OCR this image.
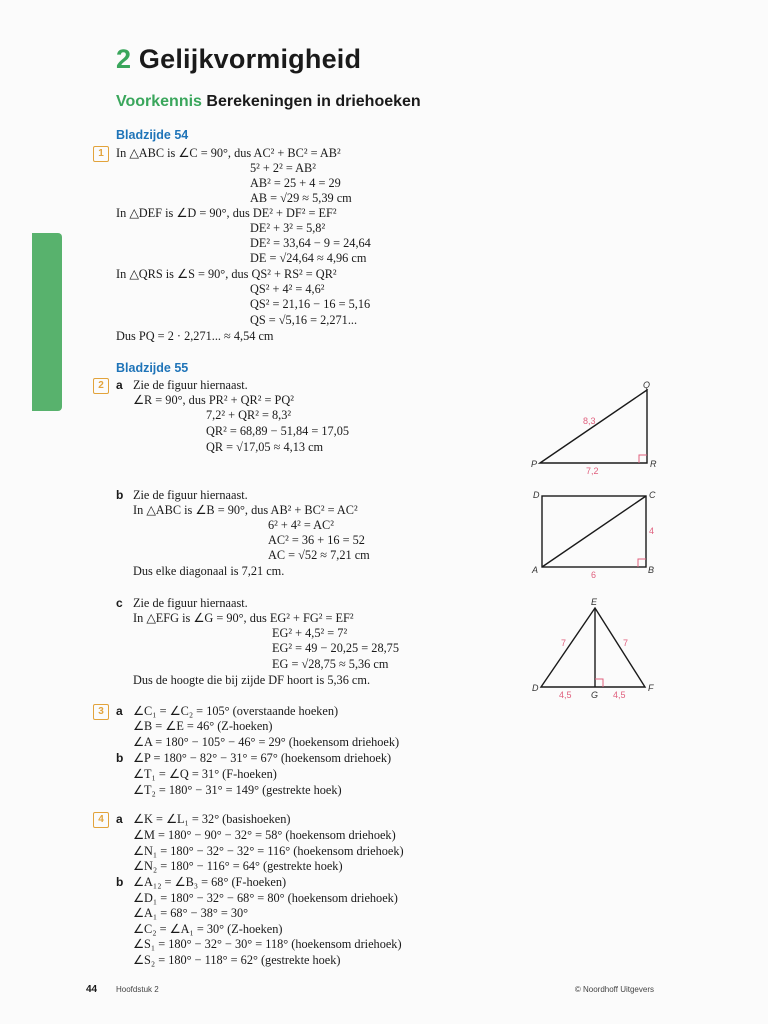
2 Gelijkvormigheid
Voorkennis Berekeningen in driehoeken
Bladzijde 54
1 In △ABC is ∠C = 90°, dus AC² + BC² = AB²
5² + 2² = AB²
AB² = 25 + 4 = 29
AB = √29 ≈ 5,39 cm
In △DEF is ∠D = 90°, dus DE² + DF² = EF²
DE² + 3² = 5,8²
DE² = 33,64 − 9 = 24,64
DE = √24,64 ≈ 4,96 cm
In △QRS is ∠S = 90°, dus QS² + RS² = QR²
QS² + 4² = 4,6²
QS² = 21,16 − 16 = 5,16
QS = √5,16 = 2,271...
Dus PQ = 2 · 2,271... ≈ 4,54 cm
Bladzijde 55
2	a Zie de figuur hiernaast.
∠R = 90°, dus PR² + QR² = PQ²
7,2² + QR² = 8,3²
QR² = 68,89 − 51,84 = 17,05
QR = √17,05 ≈ 4,13 cm
b Zie de figuur hiernaast.
In △ABC is ∠B = 90°, dus AB² + BC² = AC²
6² + 4² = AC²
AC² = 36 + 16 = 52
AC = √52 ≈ 7,21 cm
Dus elke diagonaal is 7,21 cm.
c Zie de figuur hiernaast.
In △EFG is ∠G = 90°, dus EG² + FG² = EF²
EG² + 4,5² = 7²
EG² = 49 − 20,25 = 28,75
EG = √28,75 ≈ 5,36 cm
Dus de hoogte die bij zijde DF hoort is 5,36 cm.
3	a
b
∠C₁ = ∠C₂ = 105° (overstaande hoeken)
∠B = ∠E = 46° (Z-hoeken)
∠A = 180° − 105° − 46° = 29° (hoekensom driehoek)
∠P = 180° − 82° − 31° = 67° (hoekensom driehoek)
∠T₁ = ∠Q = 31° (F-hoeken)
∠T₂ = 180° − 31° = 149° (gestrekte hoek)
4	a
b
∠K = ∠L₁ = 32° (basishoeken)
∠M = 180° − 90° − 32° = 58° (hoekensom driehoek)
∠N₁ = 180° − 32° − 32° = 116° (hoekensom driehoek)
∠N₂ = 180° − 116° = 64° (gestrekte hoek)
∠A₁₂ = ∠B₃ = 68° (F-hoeken)
∠D₁ = 180° − 32° − 68° = 80° (hoekensom driehoek)
∠A₁ = 68° − 38° = 30°
∠C₂ = ∠A₁ = 30° (Z-hoeken)
∠S₁ = 180° − 32° − 30° = 118° (hoekensom driehoek)
∠S₂ = 180° − 118° = 62° (gestrekte hoek)
Q
P	R
8,3
7,2
D	C
A	B
4
6
E
D	F
G
7	7
4,5	4,5
44 Hoofdstuk 2	© Noordhoff Uitgevers
